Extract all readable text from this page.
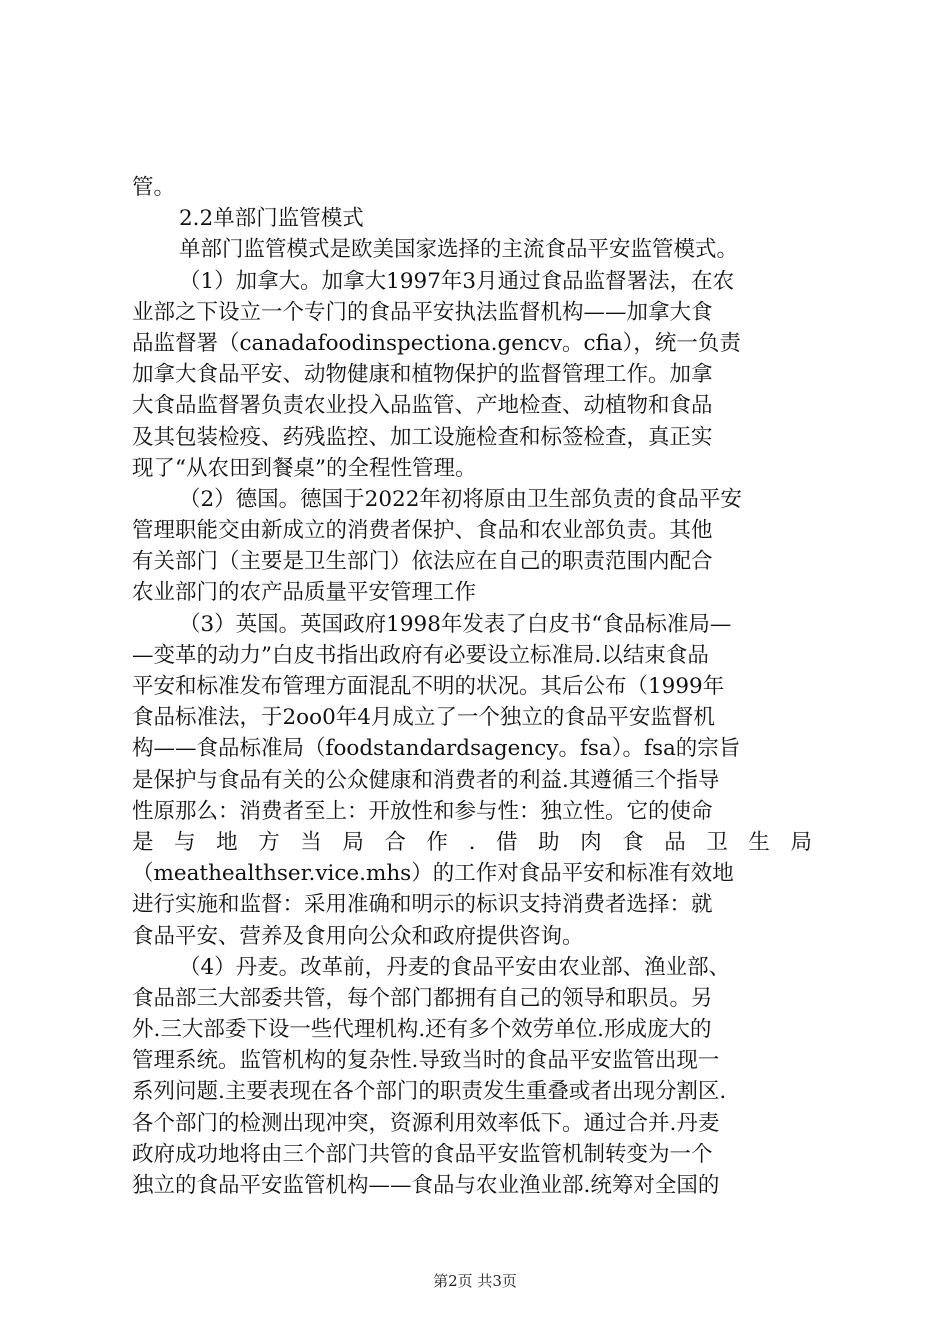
管。
2.2单部门监管模式
单部门监管模式是欧美国家选择的主流食品平安监管模式。
（1）加拿大。加拿大1997年3月通过食品监督署法，在农
业部之下设立一个专门的食品平安执法监督机构——加拿大食
品监督署（canadafoodinspectiona.gencv。cfia），统一负责
加拿大食品平安、动物健康和植物保护的监督管理工作。加拿
大食品监督署负责农业投入品监管、产地检查、动植物和食品
及其包装检疫、药残监控、加工设施检查和标签检查，真正实
现了“从农田到餐桌”的全程性管理。
（2）德国。德国于2022年初将原由卫生部负责的食品平安
管理职能交由新成立的消费者保护、食品和农业部负责。其他
有关部门（主要是卫生部门）依法应在自己的职责范围内配合
农业部门的农产品质量平安管理工作
（3）英国。英国政府1998年发表了白皮书“食品标准局—
—变革的动力”白皮书指出政府有必要设立标准局.以结束食品
平安和标准发布管理方面混乱不明的状况。其后公布（1999年
食品标准法，于2oo0年4月成立了一个独立的食品平安监督机
构——食品标准局（foodstandardsagency。fsa）。fsa的宗旨
是保护与食品有关的公众健康和消费者的利益.其遵循三个指导
性原那么：消费者至上：开放性和参与性：独立性。它的使命
是与地方当局合作.借助肉食品卫生局
（meathealthser.vice.mhs）的工作对食品平安和标准有效地
进行实施和监督：采用准确和明示的标识支持消费者选择：就
食品平安、营养及食用向公众和政府提供咨询。
（4）丹麦。改革前，丹麦的食品平安由农业部、渔业部、
食品部三大部委共管，每个部门都拥有自己的领导和职员。另
外.三大部委下设一些代理机构.还有多个效劳单位.形成庞大的
管理系统。监管机构的复杂性.导致当时的食品平安监管出现一
系列问题.主要表现在各个部门的职责发生重叠或者出现分割区.
各个部门的检测出现冲突，资源利用效率低下。通过合并.丹麦
政府成功地将由三个部门共管的食品平安监管机制转变为一个
独立的食品平安监管机构——食品与农业渔业部.统筹对全国的
第2页 共3页
